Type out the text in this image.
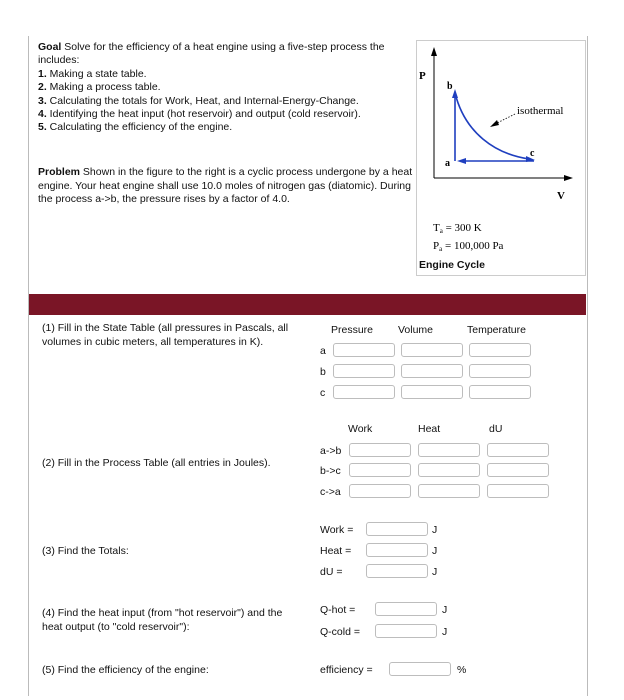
Goal Solve for the efficiency of a heat engine using a five-step process the includes:
1. Making a state table.
2. Making a process table.
3. Calculating the totals for Work, Heat, and Internal-Energy-Change.
4. Identifying the heat input (hot reservoir) and output (cold reservoir).
5. Calculating the efficiency of the engine.
Problem Shown in the figure to the right is a cyclic process undergone by a heat engine. Your heat engine shall use 10.0 moles of nitrogen gas (diatomic). During the process a->b, the pressure rises by a factor of 4.0.
P
V
a
b
c
isothermal
Ta = 300 K
Pa = 100,000 Pa
Engine Cycle
(1) Fill in the State Table (all pressures in Pascals, all volumes in cubic meters, all temperatures in K).
Pressure Volume	Temperature
a
b
c
(2) Fill in the Process Table (all entries in Joules).
Work	Heat	dU
a->b
b->c
c->a
(3) Find the Totals:
Work =	J
Heat =	J
dU =	J
(4) Find the heat input (from "hot reservoir") and the heat output (to "cold reservoir"):
Q-hot =	J
Q-cold =	J
(5) Find the efficiency of the engine:	efficiency =	%
